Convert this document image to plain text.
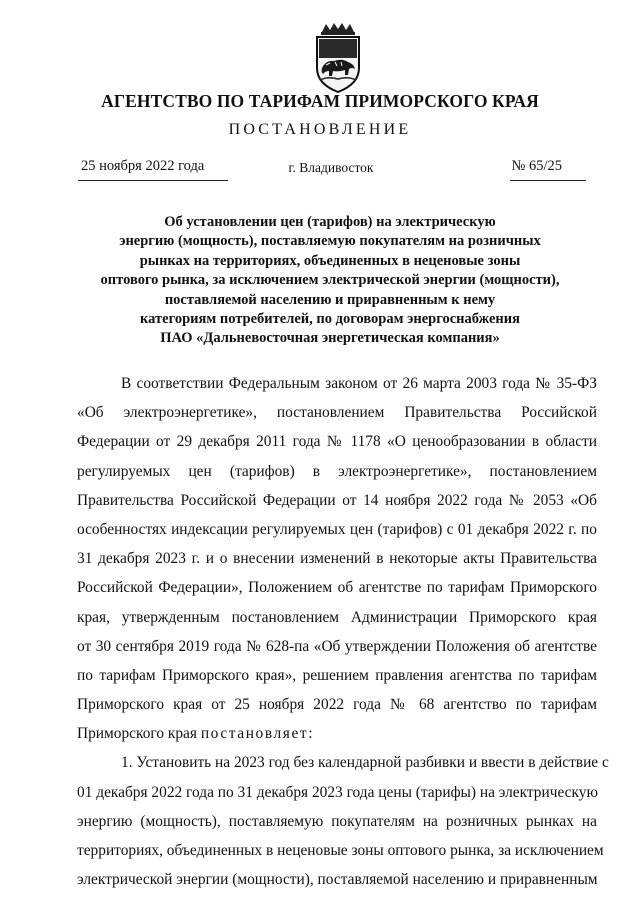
АГЕНТСТВО ПО ТАРИФАМ ПРИМОРСКОГО КРАЯ
ПОСТАНОВЛЕНИЕ
25 ноября 2022 года	г. Владивосток	№ 65/25
Об установлении цен (тарифов) на электрическую
энергию (мощность), поставляемую покупателям на розничных
рынках на территориях, объединенных в неценовые зоны
оптового рынка, за исключением электрической энергии (мощности),
поставляемой населению и приравненным к нему
категориям потребителей, по договорам энергоснабжения
ПАО «Дальневосточная энергетическая компания»
В соответствии Федеральным законом от 26 марта 2003 года № 35-ФЗ
«Об электроэнергетике», постановлением Правительства Российской
Федерации от 29 декабря 2011 года № 1178 «О ценообразовании в области
регулируемых цен (тарифов) в электроэнергетике», постановлением
Правительства Российской Федерации от 14 ноября 2022 года № 2053 «Об
особенностях индексации регулируемых цен (тарифов) с 01 декабря 2022 г. по
31 декабря 2023 г. и о внесении изменений в некоторые акты Правительства
Российской Федерации», Положением об агентстве по тарифам Приморского
края, утвержденным постановлением Администрации Приморского края
от 30 сентября 2019 года № 628-па «Об утверждении Положения об агентстве
по тарифам Приморского края», решением правления агентства по тарифам
Приморского края от 25 ноября 2022 года № 68 агентство по тарифам
Приморского края постановляет:
1. Установить на 2023 год без календарной разбивки и ввести в действие с
01 декабря 2022 года по 31 декабря 2023 года цены (тарифы) на электрическую
энергию (мощность), поставляемую покупателям на розничных рынках на
территориях, объединенных в неценовые зоны оптового рынка, за исключением
электрической энергии (мощности), поставляемой населению и приравненным
